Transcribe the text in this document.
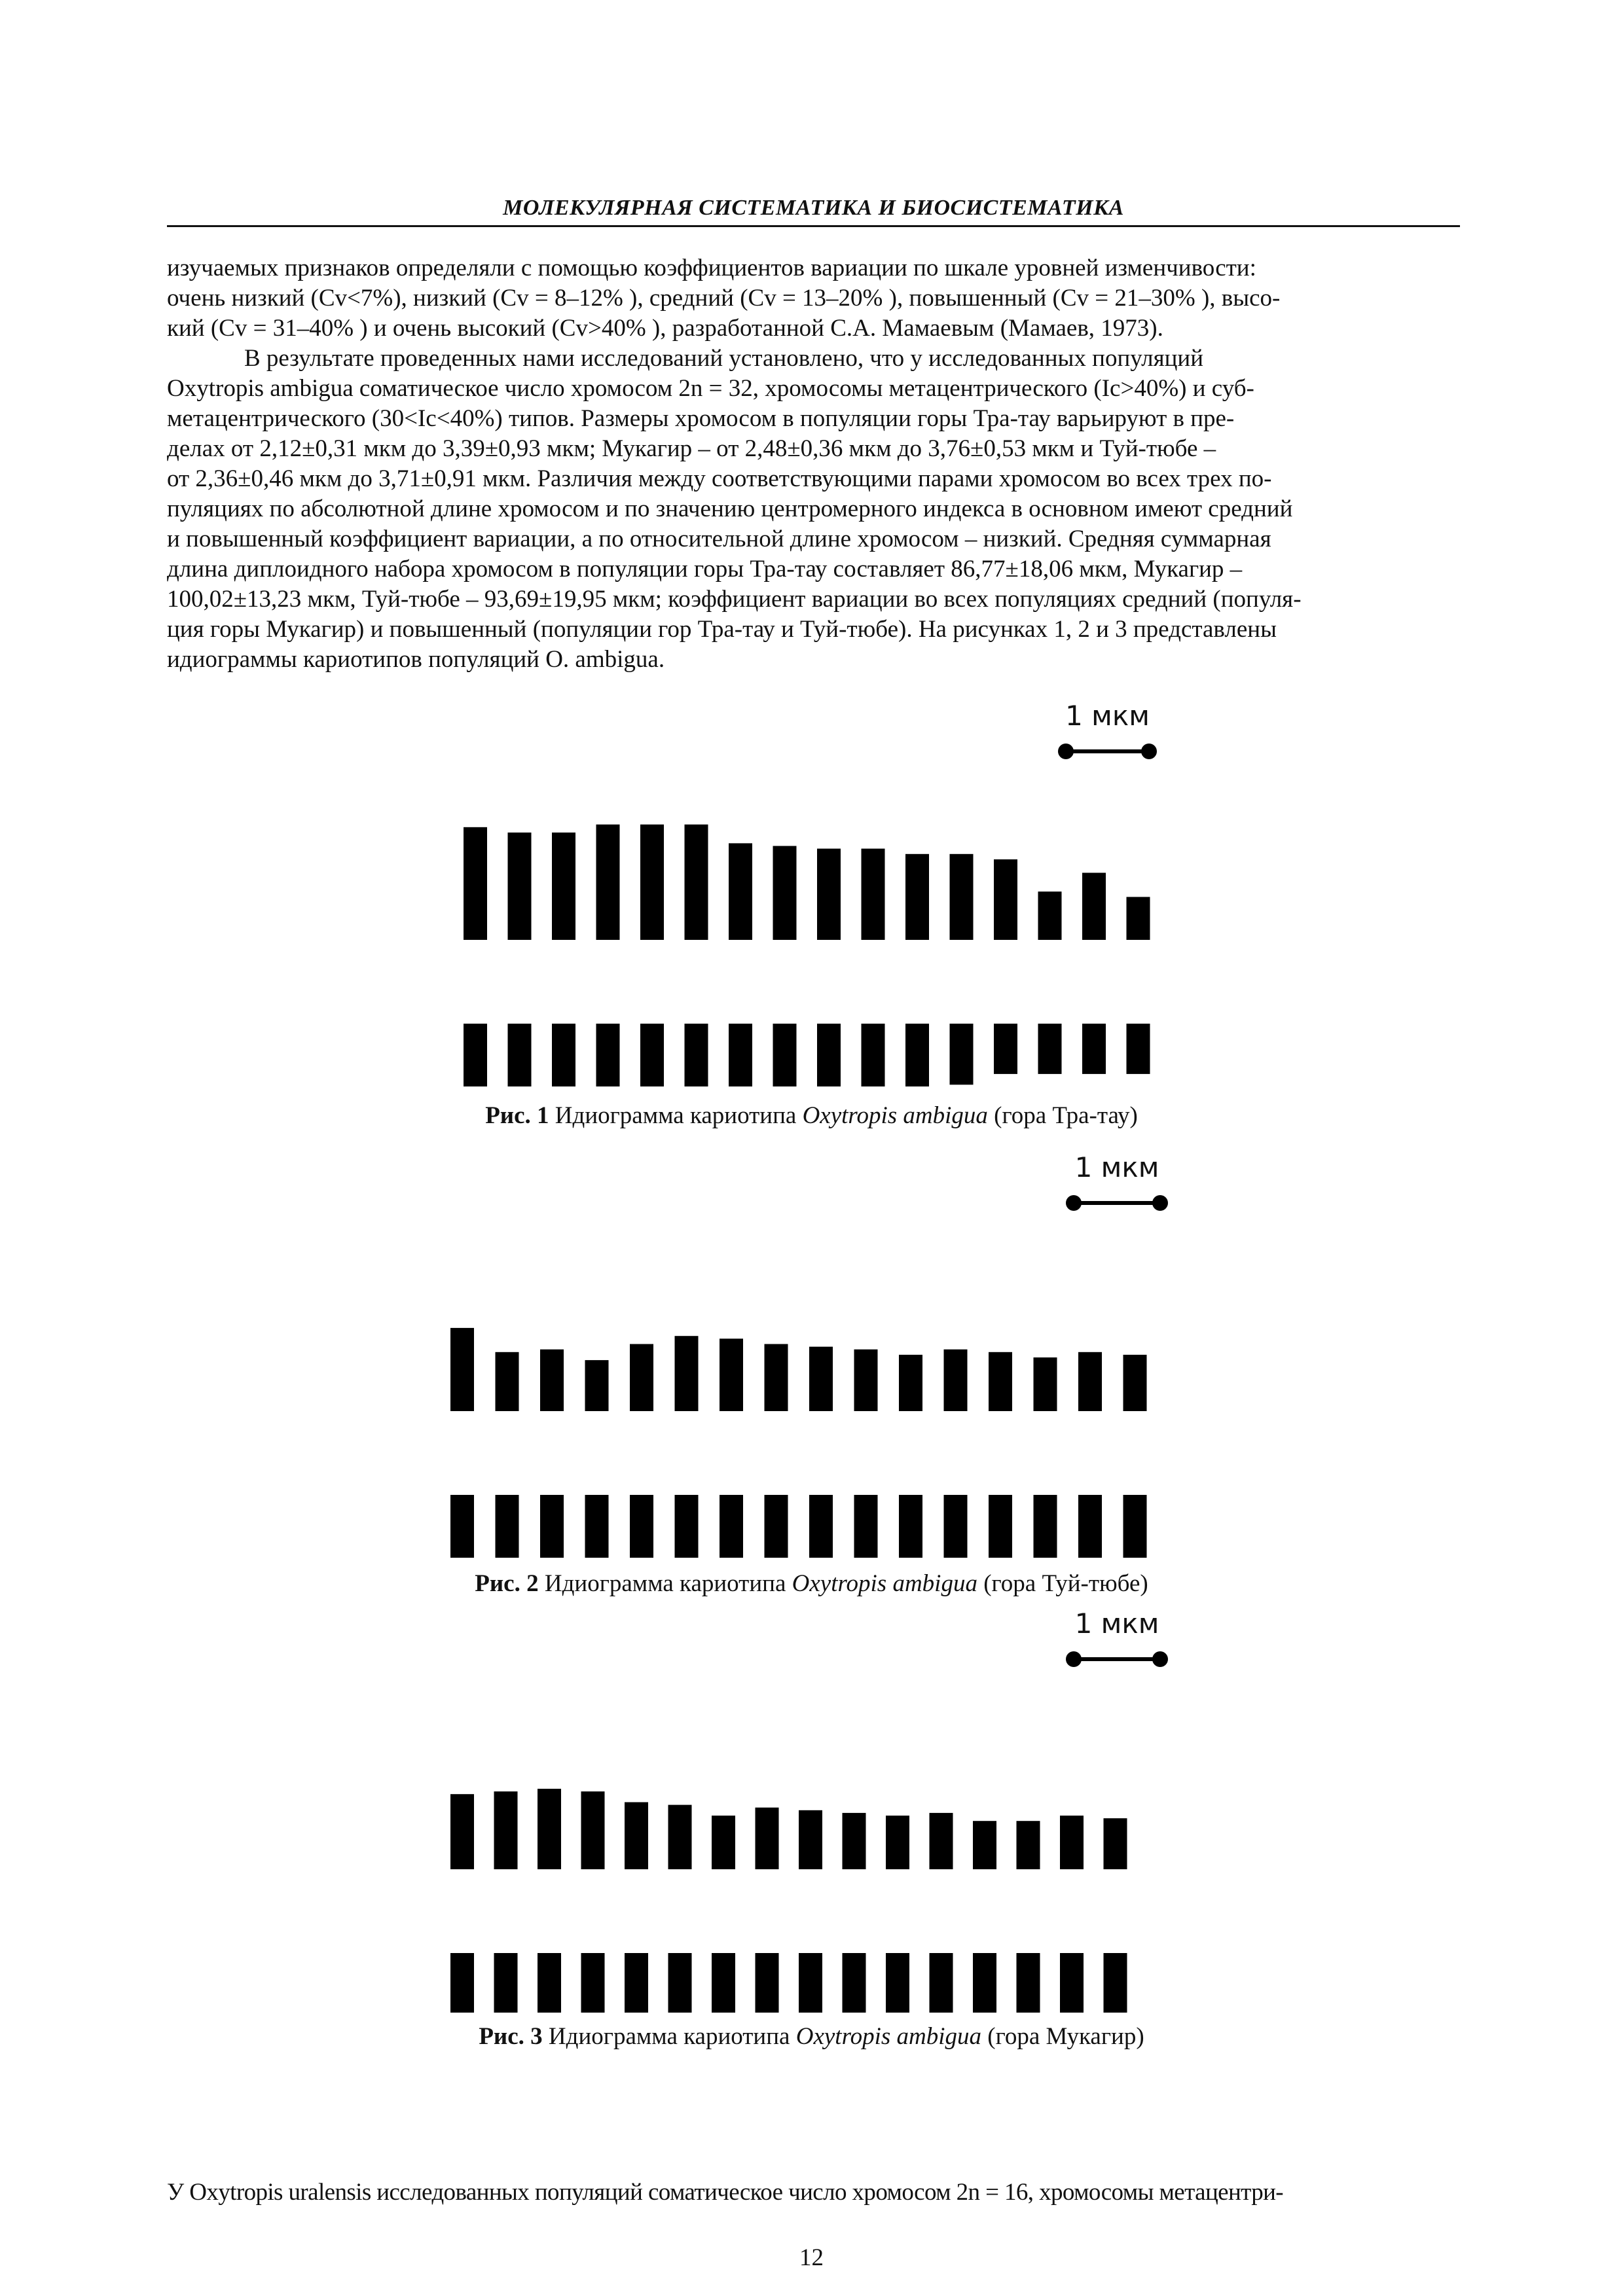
МОЛЕКУЛЯРНАЯ СИСТЕМАТИКА И БИОСИСТЕМАТИКА

изучаемых признаков определяли с помощью коэффициентов вариации по шкале уровней изменчивости:
очень низкий (Cv<7%), низкий (Cv = 8–12% ), средний (Cv = 13–20% ), повышенный (Cv = 21–30% ), высо-
кий (Cv = 31–40% ) и очень высокий (Cv>40% ), разработанной С.А. Мамаевым (Мамаев, 1973).

В результате проведенных нами исследований установлено, что у исследованных популяций
Oxytropis ambigua соматическое число хромосом 2n = 32, хромосомы метацентрического (Ic>40%) и суб-
метацентрического (30<Ic<40%) типов. Размеры хромосом в популяции горы Тра-тау варьируют в пре-
делах от 2,12±0,31 мкм до 3,39±0,93 мкм; Мукагир – от 2,48±0,36 мкм до 3,76±0,53 мкм и Туй-тюбе –
от 2,36±0,46 мкм до 3,71±0,91 мкм. Различия между соответствующими парами хромосом во всех трех по-
пуляциях по абсолютной длине хромосом и по значению центромерного индекса в основном имеют средний
и повышенный коэффициент вариации, а по относительной длине хромосом – низкий. Средняя суммарная
длина диплоидного набора хромосом в популяции горы Тра-тау составляет 86,77±18,06 мкм, Мукагир –
100,02±13,23 мкм, Туй-тюбе – 93,69±19,95 мкм; коэффициент вариации во всех популяциях средний (популя-
ция горы Мукагир) и повышенный (популяции гор Тра-тау и Туй-тюбе). На рисунках 1, 2 и 3 представлены
идиограммы кариотипов популяций O. ambigua.

1 мкм
Рис. 1 Идиограмма кариотипа Oxytropis ambigua (гора Тра-тау)
1 мкм
Рис. 2 Идиограмма кариотипа Oxytropis ambigua (гора Туй-тюбе)
1 мкм
Рис. 3 Идиограмма кариотипа Oxytropis ambigua (гора Мукагир)
У Oxytropis uralensis исследованных популяций соматическое число хромосом 2n = 16, хромосомы метацентри-
12
